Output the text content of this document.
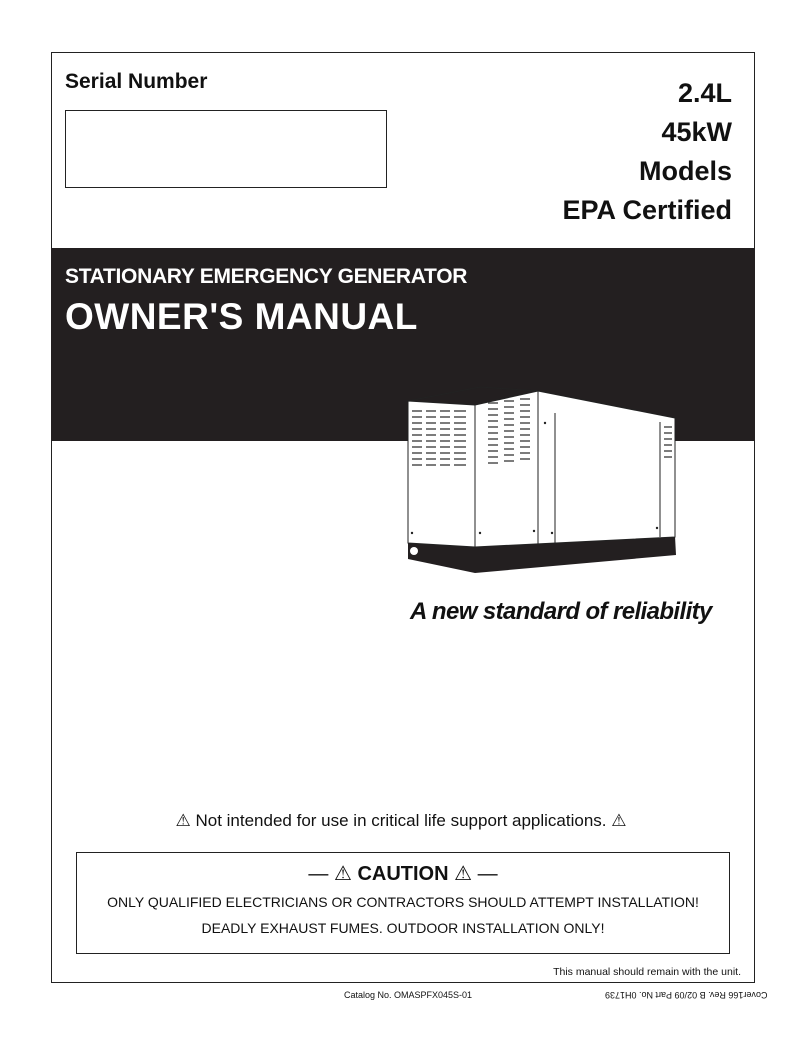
Serial Number	2.4L
45kW
Models
EPA Certified
STATIONARY EMERGENCY GENERATOR
OWNER'S MANUAL
A new standard of reliability
⚠ Not intended for use in critical life support applications. ⚠
— ⚠ CAUTION ⚠ —
ONLY QUALIFIED ELECTRICIANS OR CONTRACTORS SHOULD ATTEMPT INSTALLATION!
DEADLY EXHAUST FUMES. OUTDOOR INSTALLATION ONLY!
This manual should remain with the unit.
Catalog No. OMASPFX045S-01	Cover166 Rev. B 02/09 Part No. 0H1739
